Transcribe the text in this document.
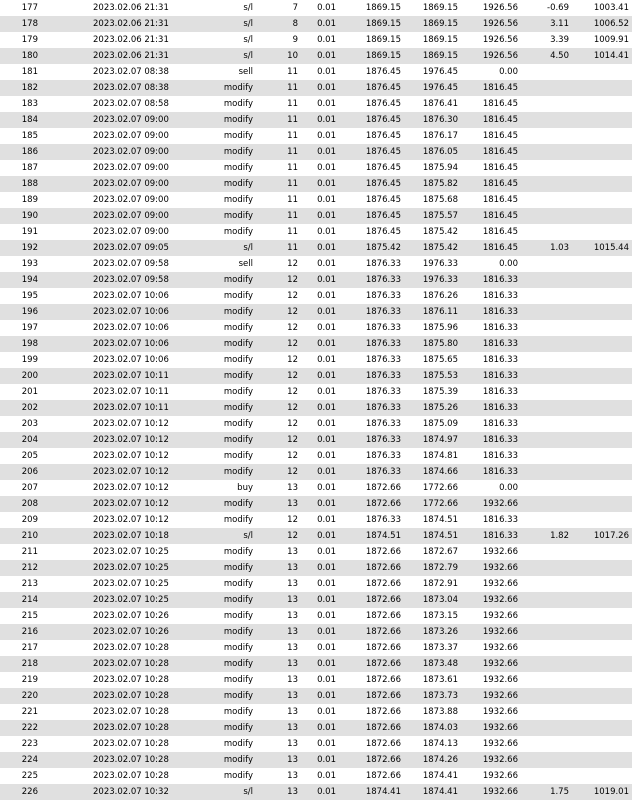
177	2023.02.06 21:31	s/l	7	0.01	1869.15	1869.15	1926.56	-0.69	1003.41
178	2023.02.06 21:31	s/l	8	0.01	1869.15	1869.15	1926.56	3.11	1006.52
179	2023.02.06 21:31	s/l	9	0.01	1869.15	1869.15	1926.56	3.39	1009.91
180	2023.02.06 21:31	s/l	10	0.01	1869.15	1869.15	1926.56	4.50	1014.41
181	2023.02.07 08:38	sell	11	0.01	1876.45	1976.45	0.00
182	2023.02.07 08:38	modify	11	0.01	1876.45	1976.45	1816.45
183	2023.02.07 08:58	modify	11	0.01	1876.45	1876.41	1816.45
184	2023.02.07 09:00	modify	11	0.01	1876.45	1876.30	1816.45
185	2023.02.07 09:00	modify	11	0.01	1876.45	1876.17	1816.45
186	2023.02.07 09:00	modify	11	0.01	1876.45	1876.05	1816.45
187	2023.02.07 09:00	modify	11	0.01	1876.45	1875.94	1816.45
188	2023.02.07 09:00	modify	11	0.01	1876.45	1875.82	1816.45
189	2023.02.07 09:00	modify	11	0.01	1876.45	1875.68	1816.45
190	2023.02.07 09:00	modify	11	0.01	1876.45	1875.57	1816.45
191	2023.02.07 09:00	modify	11	0.01	1876.45	1875.42	1816.45
192	2023.02.07 09:05	s/l	11	0.01	1875.42	1875.42	1816.45	1.03	1015.44
193	2023.02.07 09:58	sell	12	0.01	1876.33	1976.33	0.00
194	2023.02.07 09:58	modify	12	0.01	1876.33	1976.33	1816.33
195	2023.02.07 10:06	modify	12	0.01	1876.33	1876.26	1816.33
196	2023.02.07 10:06	modify	12	0.01	1876.33	1876.11	1816.33
197	2023.02.07 10:06	modify	12	0.01	1876.33	1875.96	1816.33
198	2023.02.07 10:06	modify	12	0.01	1876.33	1875.80	1816.33
199	2023.02.07 10:06	modify	12	0.01	1876.33	1875.65	1816.33
200	2023.02.07 10:11	modify	12	0.01	1876.33	1875.53	1816.33
201	2023.02.07 10:11	modify	12	0.01	1876.33	1875.39	1816.33
202	2023.02.07 10:11	modify	12	0.01	1876.33	1875.26	1816.33
203	2023.02.07 10:12	modify	12	0.01	1876.33	1875.09	1816.33
204	2023.02.07 10:12	modify	12	0.01	1876.33	1874.97	1816.33
205	2023.02.07 10:12	modify	12	0.01	1876.33	1874.81	1816.33
206	2023.02.07 10:12	modify	12	0.01	1876.33	1874.66	1816.33
207	2023.02.07 10:12	buy	13	0.01	1872.66	1772.66	0.00
208	2023.02.07 10:12	modify	13	0.01	1872.66	1772.66	1932.66
209	2023.02.07 10:12	modify	12	0.01	1876.33	1874.51	1816.33
210	2023.02.07 10:18	s/l	12	0.01	1874.51	1874.51	1816.33	1.82	1017.26
211	2023.02.07 10:25	modify	13	0.01	1872.66	1872.67	1932.66
212	2023.02.07 10:25	modify	13	0.01	1872.66	1872.79	1932.66
213	2023.02.07 10:25	modify	13	0.01	1872.66	1872.91	1932.66
214	2023.02.07 10:25	modify	13	0.01	1872.66	1873.04	1932.66
215	2023.02.07 10:26	modify	13	0.01	1872.66	1873.15	1932.66
216	2023.02.07 10:26	modify	13	0.01	1872.66	1873.26	1932.66
217	2023.02.07 10:28	modify	13	0.01	1872.66	1873.37	1932.66
218	2023.02.07 10:28	modify	13	0.01	1872.66	1873.48	1932.66
219	2023.02.07 10:28	modify	13	0.01	1872.66	1873.61	1932.66
220	2023.02.07 10:28	modify	13	0.01	1872.66	1873.73	1932.66
221	2023.02.07 10:28	modify	13	0.01	1872.66	1873.88	1932.66
222	2023.02.07 10:28	modify	13	0.01	1872.66	1874.03	1932.66
223	2023.02.07 10:28	modify	13	0.01	1872.66	1874.13	1932.66
224	2023.02.07 10:28	modify	13	0.01	1872.66	1874.26	1932.66
225	2023.02.07 10:28	modify	13	0.01	1872.66	1874.41	1932.66
226	2023.02.07 10:32	s/l	13	0.01	1874.41	1874.41	1932.66	1.75	1019.01
